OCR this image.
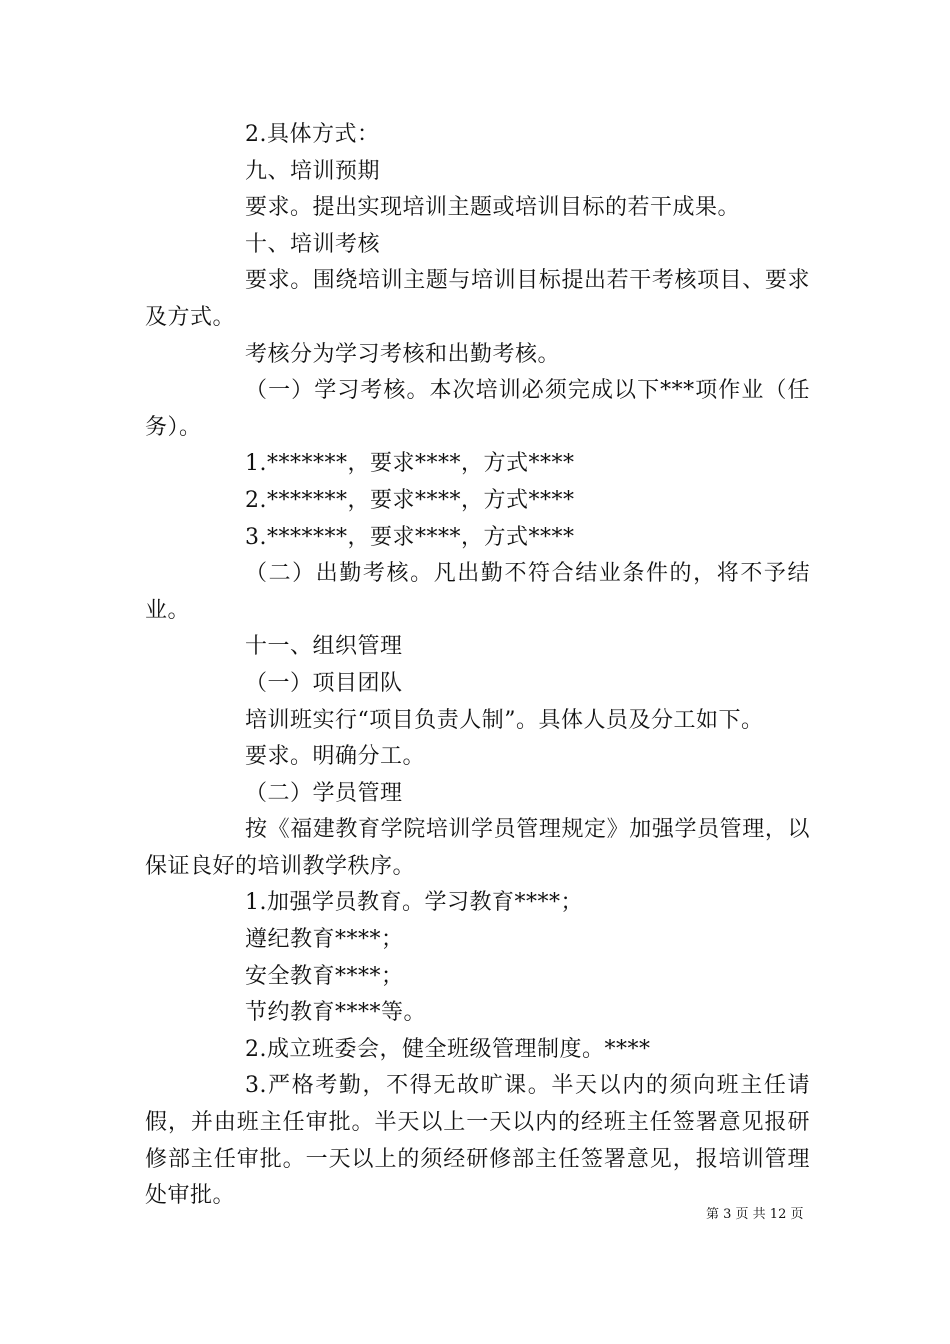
2.具体方式：

九、培训预期

要求。提出实现培训主题或培训目标的若干成果。

十、培训考核

要求。围绕培训主题与培训目标提出若干考核项目、要求及方式。

考核分为学习考核和出勤考核。

（一）学习考核。本次培训必须完成以下***项作业（任务）。

1.*******，要求****，方式****

2.*******，要求****，方式****

3.*******，要求****，方式****

（二）出勤考核。凡出勤不符合结业条件的，将不予结业。

十一、组织管理

（一）项目团队

培训班实行“项目负责人制”。具体人员及分工如下。

要求。明确分工。

（二）学员管理

按《福建教育学院培训学员管理规定》加强学员管理，以保证良好的培训教学秩序。

1.加强学员教育。学习教育****；

遵纪教育****；

安全教育****；

节约教育****等。

2.成立班委会，健全班级管理制度。****

3.严格考勤，不得无故旷课。半天以内的须向班主任请假，并由班主任审批。半天以上一天以内的经班主任签署意见报研修部主任审批。一天以上的须经研修部主任签署意见，报培训管理处审批。

第 3 页 共 12 页
